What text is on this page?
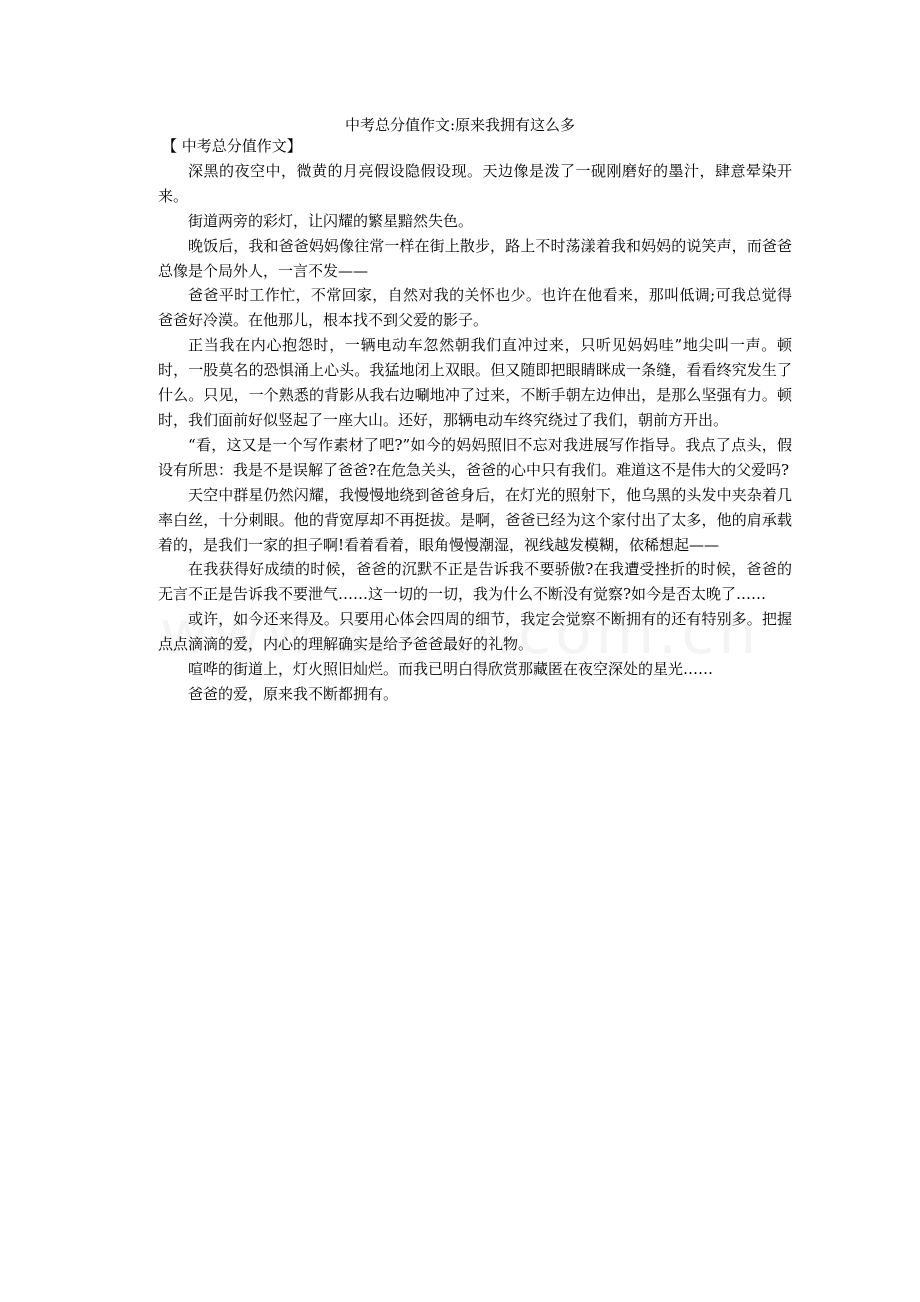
中考总分值作文:原来我拥有这么多

【 中考总分值作文】

深黑的夜空中，微黄的月亮假设隐假设现。天边像是泼了一砚刚磨好的墨汁，肆意晕染开来。

街道两旁的彩灯，让闪耀的繁星黯然失色。

晚饭后，我和爸爸妈妈像往常一样在街上散步，路上不时荡漾着我和妈妈的说笑声，而爸爸总像是个局外人，一言不发——

爸爸平时工作忙，不常回家，自然对我的关怀也少。也许在他看来，那叫低调;可我总觉得爸爸好冷漠。在他那儿，根本找不到父爱的影子。

正当我在内心抱怨时，一辆电动车忽然朝我们直冲过来，只听见妈妈哇”地尖叫一声。顿时，一股莫名的恐惧涌上心头。我猛地闭上双眼。但又随即把眼睛眯成一条缝，看看终究发生了什么。只见，一个熟悉的背影从我右边唰地冲了过来，不断手朝左边伸出，是那么坚强有力。顿时，我们面前好似竖起了一座大山。还好，那辆电动车终究绕过了我们，朝前方开出。

“看，这又是一个写作素材了吧?”如今的妈妈照旧不忘对我进展写作指导。我点了点头，假设有所思：我是不是误解了爸爸?在危急关头，爸爸的心中只有我们。难道这不是伟大的父爱吗?

天空中群星仍然闪耀，我慢慢地绕到爸爸身后，在灯光的照射下，他乌黑的头发中夹杂着几率白丝，十分刺眼。他的背宽厚却不再挺拔。是啊，爸爸已经为这个家付出了太多，他的肩承载着的，是我们一家的担子啊!看着看着，眼角慢慢潮湿，视线越发模糊，依稀想起——

在我获得好成绩的时候，爸爸的沉默不正是告诉我不要骄傲?在我遭受挫折的时候，爸爸的无言不正是告诉我不要泄气……这一切的一切，我为什么不断没有觉察?如今是否太晚了……

或许，如今还来得及。只要用心体会四周的细节，我定会觉察不断拥有的还有特别多。把握点点滴滴的爱，内心的理解确实是给予爸爸最好的礼物。

喧哗的街道上，灯火照旧灿烂。而我已明白得欣赏那藏匿在夜空深处的星光……

爸爸的爱，原来我不断都拥有。
